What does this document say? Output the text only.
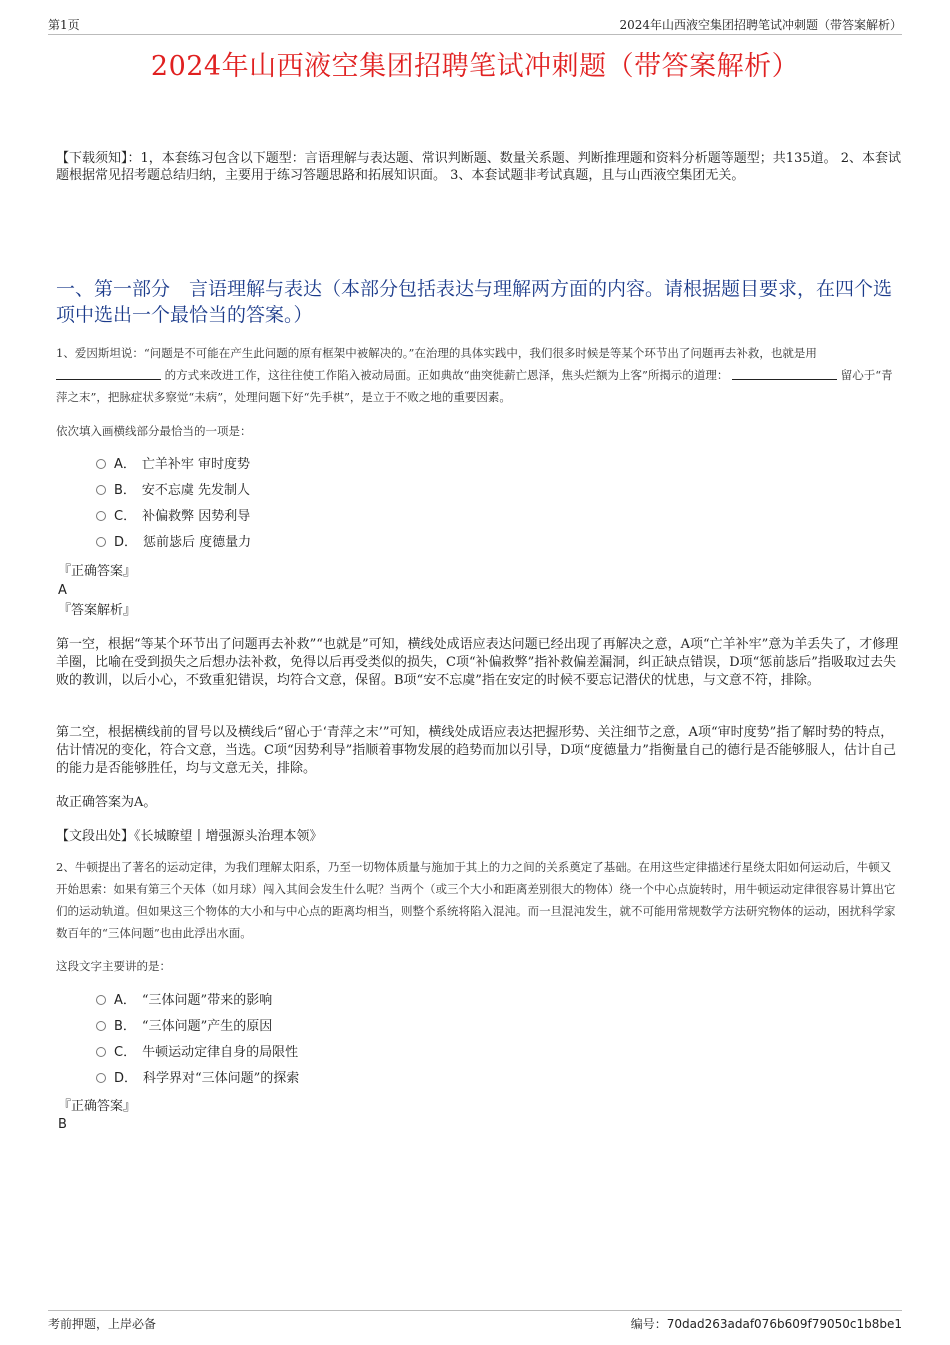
第1页	2024年山西液空集团招聘笔试冲刺题（带答案解析）
2024年山西液空集团招聘笔试冲刺题（带答案解析）
【下载须知】：1，本套练习包含以下题型：言语理解与表达题、常识判断题、数量关系题、判断推理题和资料分析题等题型；共135道。 2、本套试题根据常见招考题总结归纳，主要用于练习答题思路和拓展知识面。 3、本套试题非考试真题，且与山西液空集团无关。
一、第一部分　言语理解与表达（本部分包括表达与理解两方面的内容。请根据题目要求，在四个选项中选出一个最恰当的答案。）
1、爱因斯坦说：“问题是不可能在产生此问题的原有框架中被解决的。”在治理的具体实践中，我们很多时候是等某个环节出了问题再去补救，也就是用  的方式来改进工作，这往往使工作陷入被动局面。正如典故“曲突徙薪亡恩泽，焦头烂额为上客”所揭示的道理：	留心于“青萍之末”，把脉症状多察觉“未病”，处理问题下好“先手棋”，是立于不败之地的重要因素。
依次填入画横线部分最恰当的一项是：
A． 亡羊补牢 审时度势
B． 安不忘虞 先发制人
C． 补偏救弊 因势利导
D． 惩前毖后 度德量力
『正确答案』
A
『答案解析』
第一空，根据“等某个环节出了问题再去补救”“也就是”可知，横线处成语应表达问题已经出现了再解决之意，A项“亡羊补牢”意为羊丢失了，才修理羊圈，比喻在受到损失之后想办法补救，免得以后再受类似的损失，C项“补偏救弊”指补救偏差漏洞，纠正缺点错误，D项“惩前毖后”指吸取过去失败的教训，以后小心，不致重犯错误，均符合文意，保留。B项“安不忘虞”指在安定的时候不要忘记潜伏的忧患，与文意不符，排除。
第二空，根据横线前的冒号以及横线后“留心于‘青萍之末’”可知，横线处成语应表达把握形势、关注细节之意，A项“审时度势”指了解时势的特点，估计情况的变化，符合文意，当选。C项“因势利导”指顺着事物发展的趋势而加以引导，D项“度德量力”指衡量自己的德行是否能够服人，估计自己的能力是否能够胜任，均与文意无关，排除。
故正确答案为A。
【文段出处】《长城瞭望丨增强源头治理本领》
2、牛顿提出了著名的运动定律，为我们理解太阳系，乃至一切物体质量与施加于其上的力之间的关系奠定了基础。在用这些定律描述行星绕太阳如何运动后，牛顿又开始思索：如果有第三个天体（如月球）闯入其间会发生什么呢？当两个（或三个大小和距离差别很大的物体）绕一个中心点旋转时，用牛顿运动定律很容易计算出它们的运动轨道。但如果这三个物体的大小和与中心点的距离均相当，则整个系统将陷入混沌。而一旦混沌发生，就不可能用常规数学方法研究物体的运动，困扰科学家数百年的“三体问题”也由此浮出水面。
这段文字主要讲的是：
A． “三体问题”带来的影响
B． “三体问题”产生的原因
C． 牛顿运动定律自身的局限性
D． 科学界对“三体问题”的探索
『正确答案』
B
考前押题，上岸必备	编号：70dad263adaf076b609f79050c1b8be1
